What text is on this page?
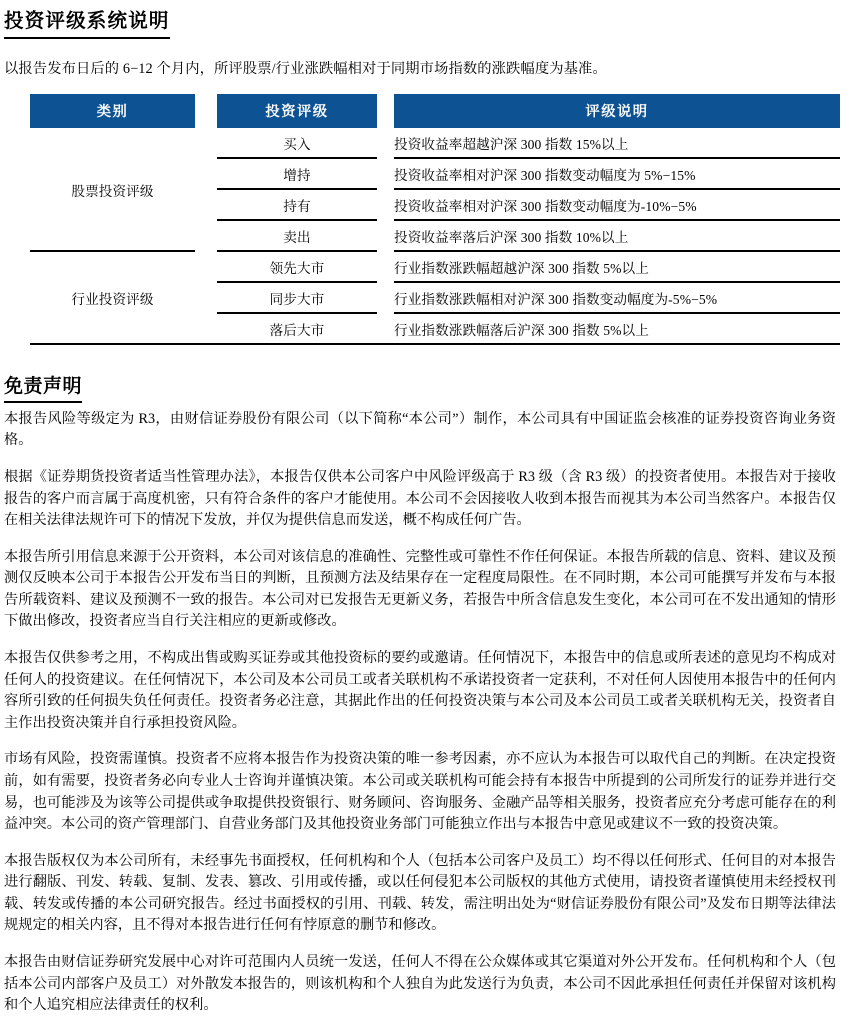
投资评级系统说明

以报告发布日后的 6−12 个月内，所评股票/行业涨跌幅相对于同期市场指数的涨跌幅度为基准。

类别		投资评级		评级说明
股票投资评级		买入		投资收益率超越沪深 300 指数 15%以上
		增持		投资收益率相对沪深 300 指数变动幅度为 5%−15%
		持有		投资收益率相对沪深 300 指数变动幅度为-10%−5%
		卖出		投资收益率落后沪深 300 指数 10%以上
行业投资评级		领先大市		行业指数涨跌幅超越沪深 300 指数 5%以上
		同步大市		行业指数涨跌幅相对沪深 300 指数变动幅度为-5%−5%
		落后大市		行业指数涨跌幅落后沪深 300 指数 5%以上
免责声明

本报告风险等级定为 R3，由财信证券股份有限公司（以下简称“本公司”）制作，本公司具有中国证监会核准的证券投资咨询业务资格。

根据《证券期货投资者适当性管理办法》，本报告仅供本公司客户中风险评级高于 R3 级（含 R3 级）的投资者使用。本报告对于接收报告的客户而言属于高度机密，只有符合条件的客户才能使用。本公司不会因接收人收到本报告而视其为本公司当然客户。本报告仅在相关法律法规许可下的情况下发放，并仅为提供信息而发送，概不构成任何广告。

本报告所引用信息来源于公开资料，本公司对该信息的准确性、完整性或可靠性不作任何保证。本报告所载的信息、资料、建议及预测仅反映本公司于本报告公开发布当日的判断，且预测方法及结果存在一定程度局限性。在不同时期，本公司可能撰写并发布与本报告所载资料、建议及预测不一致的报告。本公司对已发报告无更新义务，若报告中所含信息发生变化，本公司可在不发出通知的情形下做出修改，投资者应当自行关注相应的更新或修改。

本报告仅供参考之用，不构成出售或购买证券或其他投资标的要约或邀请。任何情况下，本报告中的信息或所表述的意见均不构成对任何人的投资建议。在任何情况下，本公司及本公司员工或者关联机构不承诺投资者一定获利，不对任何人因使用本报告中的任何内容所引致的任何损失负任何责任。投资者务必注意，其据此作出的任何投资决策与本公司及本公司员工或者关联机构无关，投资者自主作出投资决策并自行承担投资风险。

市场有风险，投资需谨慎。投资者不应将本报告作为投资决策的唯一参考因素，亦不应认为本报告可以取代自己的判断。在决定投资前，如有需要，投资者务必向专业人士咨询并谨慎决策。本公司或关联机构可能会持有本报告中所提到的公司所发行的证券并进行交易，也可能涉及为该等公司提供或争取提供投资银行、财务顾问、咨询服务、金融产品等相关服务，投资者应充分考虑可能存在的利益冲突。本公司的资产管理部门、自营业务部门及其他投资业务部门可能独立作出与本报告中意见或建议不一致的投资决策。

本报告版权仅为本公司所有，未经事先书面授权，任何机构和个人（包括本公司客户及员工）均不得以任何形式、任何目的对本报告进行翻版、刊发、转载、复制、发表、篡改、引用或传播，或以任何侵犯本公司版权的其他方式使用，请投资者谨慎使用未经授权刊载、转发或传播的本公司研究报告。经过书面授权的引用、刊载、转发，需注明出处为“财信证券股份有限公司”及发布日期等法律法规规定的相关内容，且不得对本报告进行任何有悖原意的删节和修改。

本报告由财信证券研究发展中心对许可范围内人员统一发送，任何人不得在公众媒体或其它渠道对外公开发布。任何机构和个人（包括本公司内部客户及员工）对外散发本报告的，则该机构和个人独自为此发送行为负责，本公司不因此承担任何责任并保留对该机构和个人追究相应法律责任的权利。
